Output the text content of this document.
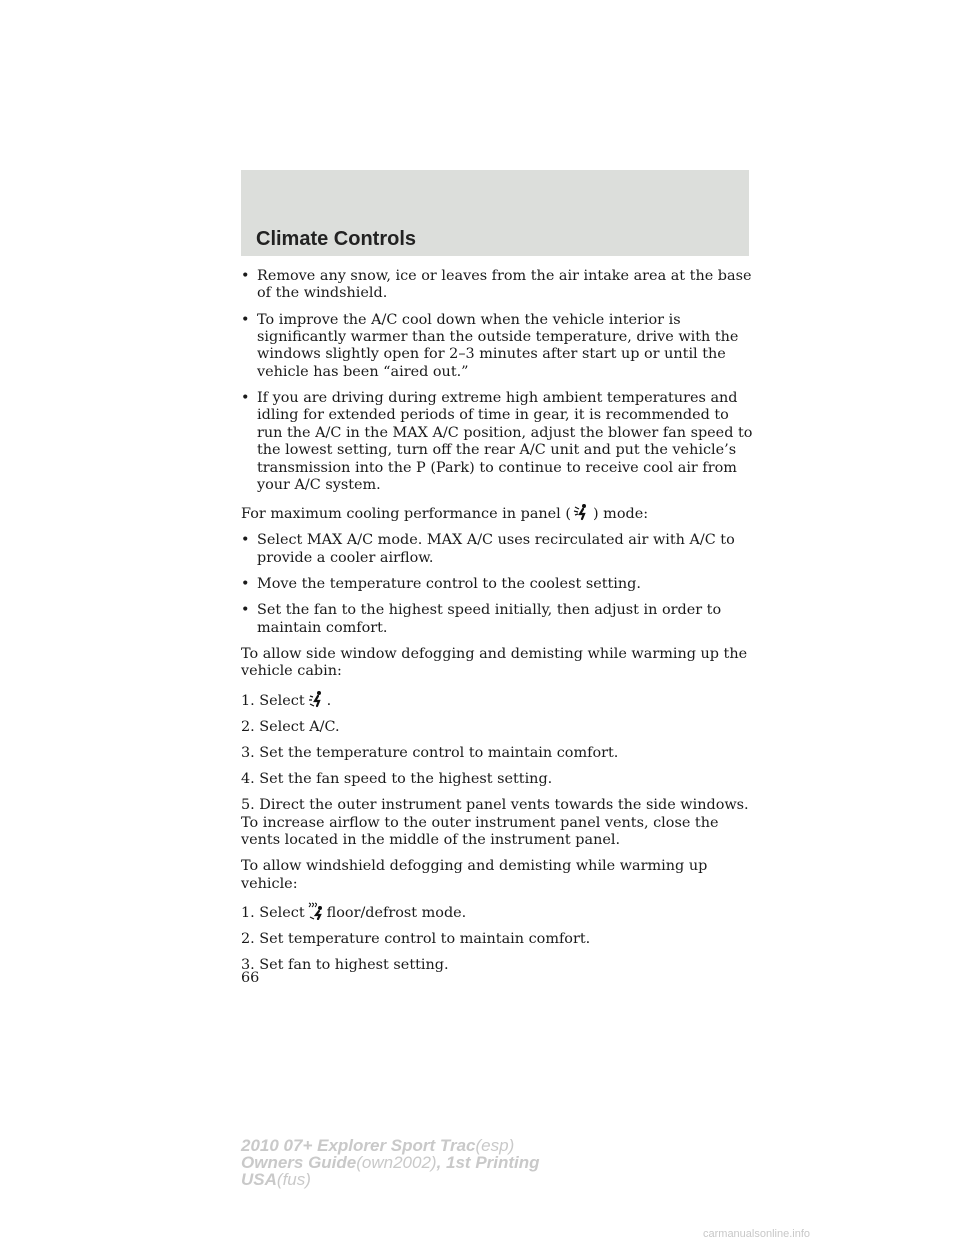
Climate Controls
• Remove any snow, ice or leaves from the air intake area at the base of the windshield.
• To improve the A/C cool down when the vehicle interior is significantly warmer than the outside temperature, drive with the windows slightly open for 2–3 minutes after start up or until the vehicle has been “aired out.”
• If you are driving during extreme high ambient temperatures and idling for extended periods of time in gear, it is recommended to run the A/C in the MAX A/C position, adjust the blower fan speed to the lowest setting, turn off the rear A/C unit and put the vehicle’s transmission into the P (Park) to continue to receive cool air from your A/C system.

For maximum cooling performance in panel ( ) mode:

• Select MAX A/C mode. MAX A/C uses recirculated air with A/C to provide a cooler airflow.
• Move the temperature control to the coolest setting.
• Set the fan to the highest speed initially, then adjust in order to maintain comfort.

To allow side window defogging and demisting while warming up the vehicle cabin:

1. Select .

2. Select A/C.

3. Set the temperature control to maintain comfort.

4. Set the fan speed to the highest setting.

5. Direct the outer instrument panel vents towards the side windows. To increase airflow to the outer instrument panel vents, close the vents located in the middle of the instrument panel.

To allow windshield defogging and demisting while warming up vehicle:

1. Select floor/defrost mode.

2. Set temperature control to maintain comfort.

3. Set fan to highest setting.

66
2010 07+ Explorer Sport Trac(esp)
Owners Guide(own2002), 1st Printing
USA(fus)
carmanualsonline.info
